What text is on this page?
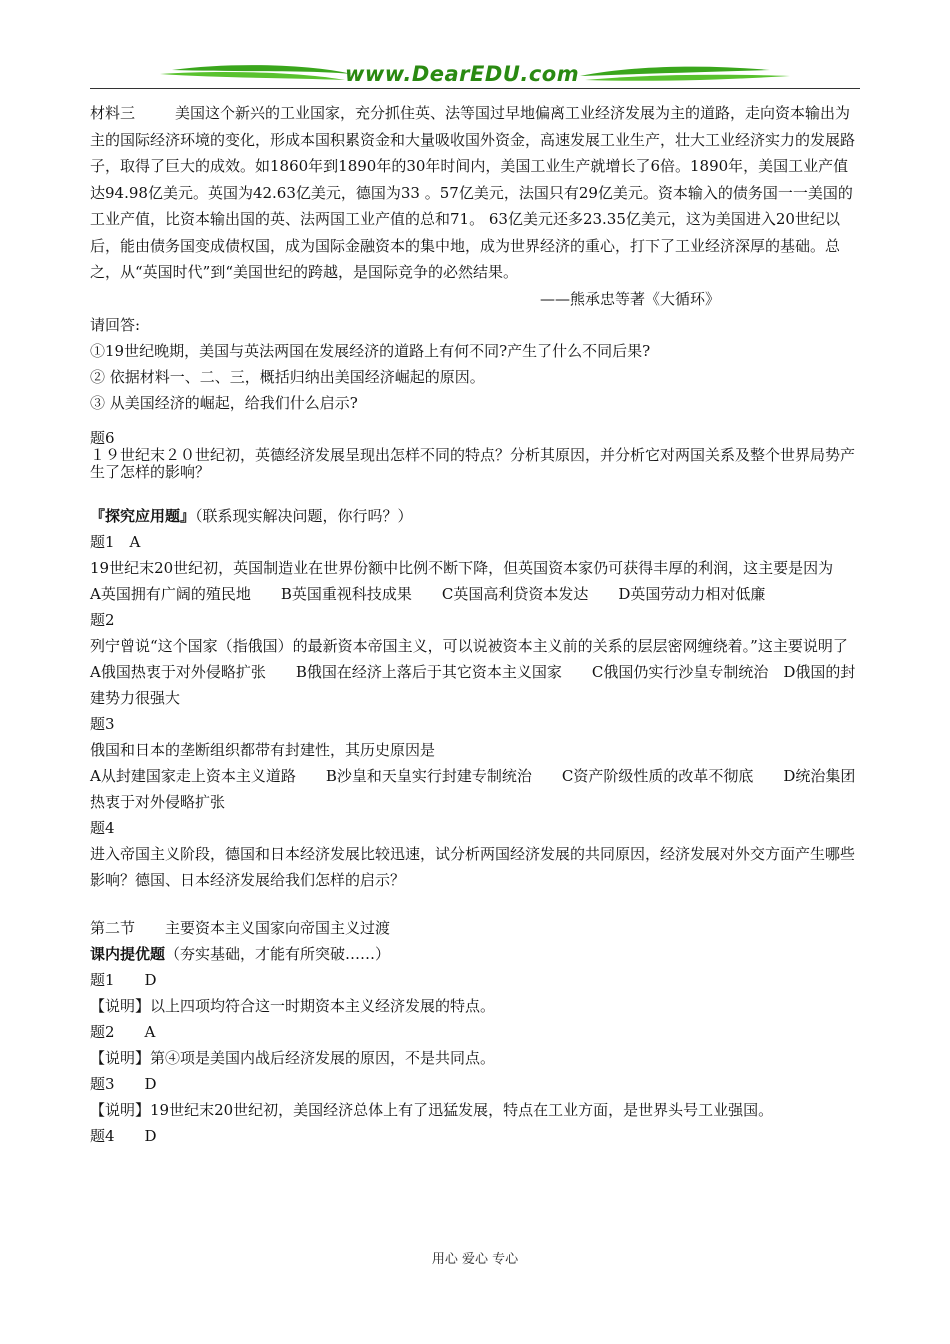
www.DearEDU.com

材料三	美国这个新兴的工业国家，充分抓住英、法等国过早地偏离工业经济发展为主的道路，走向资本输出为主的国际经济环境的变化，形成本国积累资金和大量吸收国外资金，高速发展工业生产，壮大工业经济实力的发展路子，取得了巨大的成效。如1860年到1890年的30年时间内，美国工业生产就增长了6倍。1890年，美国工业产值达94.98亿美元。英国为42.63亿美元，德国为33 。57亿美元，法国只有29亿美元。资本输入的债务国一一美国的工业产值，比资本输出国的英、法两国工业产值的总和71。 63亿美元还多23.35亿美元，这为美国进入20世纪以后，能由债务国变成债权国，成为国际金融资本的集中地，成为世界经济的重心，打下了工业经济深厚的基础。总之，从“英国时代”到“美国世纪的跨越，是国际竞争的必然结果。

——熊承忠等著《大循环》

请回答:

①19世纪晚期，美国与英法两国在发展经济的道路上有何不同?产生了什么不同后果?

② 依据材料一、二、三，概括归纳出美国经济崛起的原因。

③ 从美国经济的崛起，给我们什么启示?

题6

１９世纪末２０世纪初，英德经济发展呈现出怎样不同的特点？分析其原因，并分析它对两国关系及整个世界局势产生了怎样的影响？

『探究应用题』（联系现实解决问题，你行吗？）

题1　A

19世纪末20世纪初，英国制造业在世界份额中比例不断下降，但英国资本家仍可获得丰厚的利润，这主要是因为

A英国拥有广阔的殖民地　　B英国重视科技成果　　C英国高利贷资本发达　　D英国劳动力相对低廉

题2

列宁曾说“这个国家（指俄国）的最新资本帝国主义，可以说被资本主义前的关系的层层密网缠绕着。”这主要说明了

A俄国热衷于对外侵略扩张　　B俄国在经济上落后于其它资本主义国家　　C俄国仍实行沙皇专制统治　D俄国的封建势力很强大

题3

俄国和日本的垄断组织都带有封建性，其历史原因是

A从封建国家走上资本主义道路　　B沙皇和天皇实行封建专制统治　　C资产阶级性质的改革不彻底　　D统治集团热衷于对外侵略扩张

题4

进入帝国主义阶段，德国和日本经济发展比较迅速，试分析两国经济发展的共同原因，经济发展对外交方面产生哪些影响？德国、日本经济发展给我们怎样的启示？

第二节　　主要资本主义国家向帝国主义过渡

课内提优题（夯实基础，才能有所突破……）

题1　　D

【说明】以上四项均符合这一时期资本主义经济发展的特点。

题2　　A

【说明】第④项是美国内战后经济发展的原因，不是共同点。

题3　　D

【说明】19世纪末20世纪初，美国经济总体上有了迅猛发展，特点在工业方面，是世界头号工业强国。

题4　　D

用心 爱心 专心
